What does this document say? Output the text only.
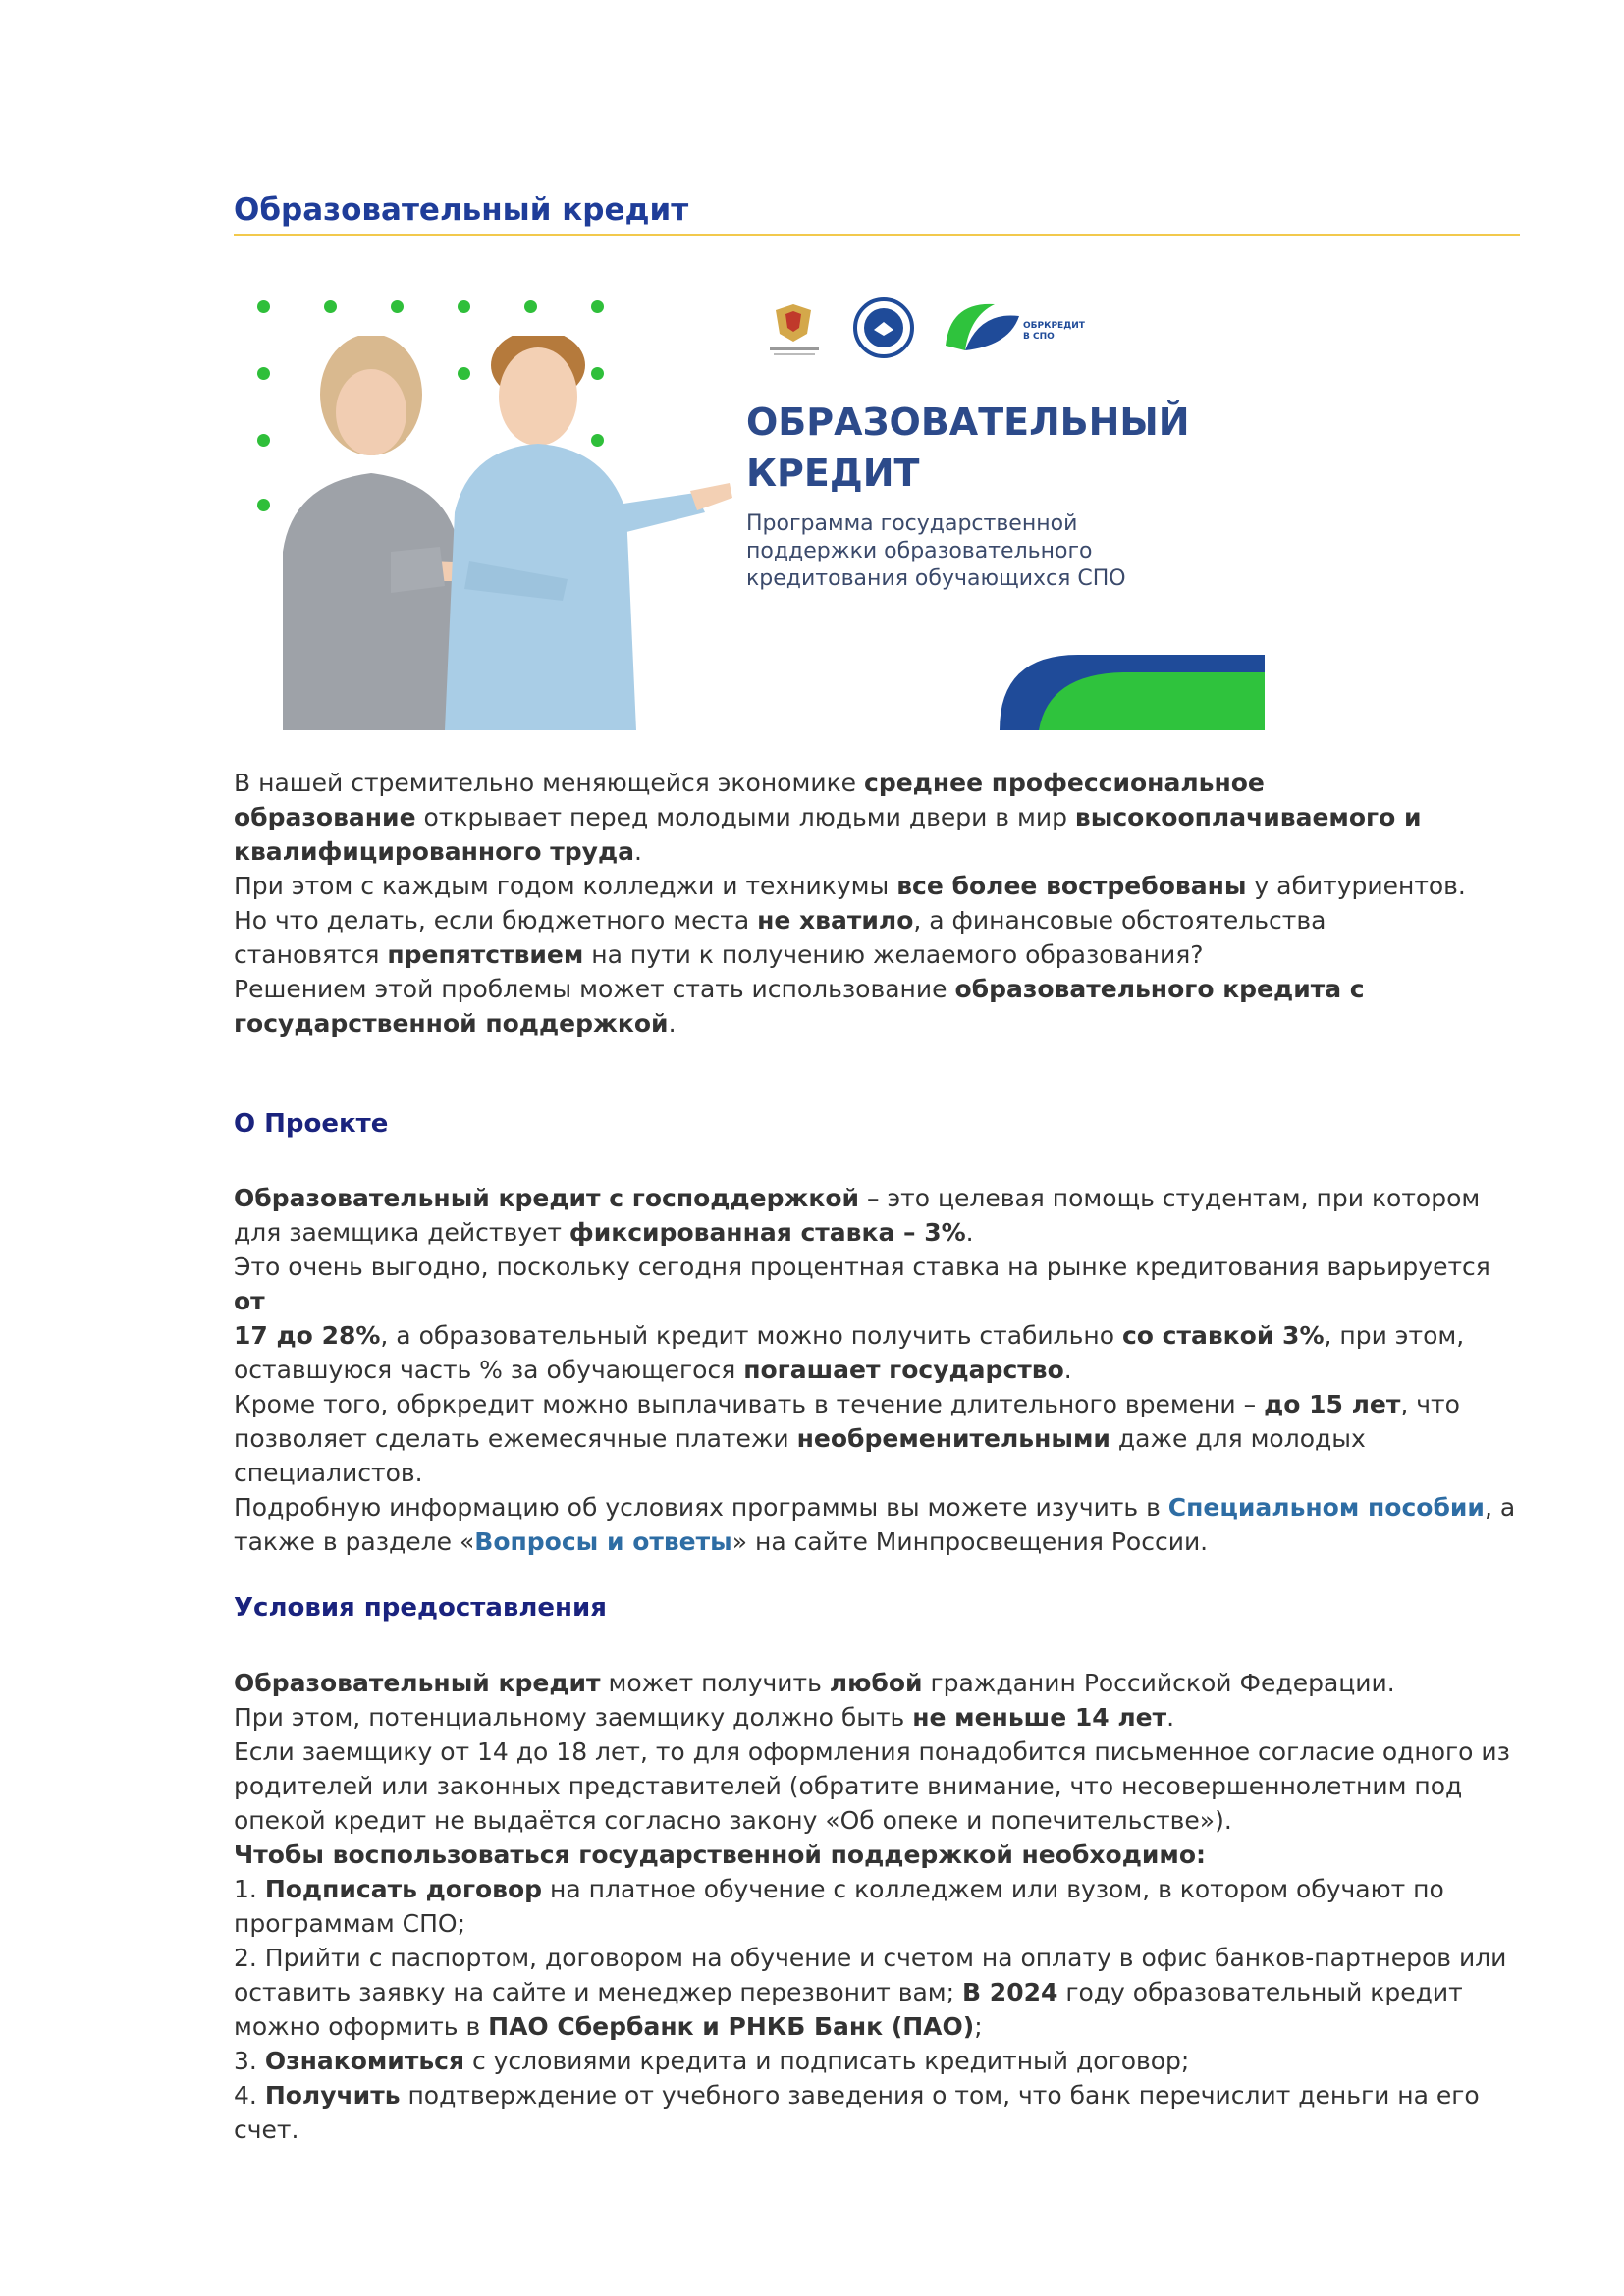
Образовательный кредит
ОБРКРЕДИТ
В СПО
ОБРАЗОВАТЕЛЬНЫЙ
КРЕДИТ
Программа государственной
поддержки образовательного
кредитования обучающихся СПО
В нашей стремительно меняющейся экономике среднее профессиональное
образование открывает перед молодыми людьми двери в мир высокооплачиваемого и
квалифицированного труда.
При этом с каждым годом колледжи и техникумы все более востребованы у абитуриентов.
Но что делать, если бюджетного места не хватило, а финансовые обстоятельства
становятся препятствием на пути к получению желаемого образования?
Решением этой проблемы может стать использование образовательного кредита с
государственной поддержкой.
О Проекте
Образовательный кредит с господдержкой – это целевая помощь студентам, при котором
для заемщика действует фиксированная ставка – 3%.
Это очень выгодно, поскольку сегодня процентная ставка на рынке кредитования варьируется от
17 до 28%, а образовательный кредит можно получить стабильно со ставкой 3%, при этом,
оставшуюся часть % за обучающегося погашает государство.
Кроме того, обркредит можно выплачивать в течение длительного времени – до 15 лет, что
позволяет сделать ежемесячные платежи необременительными даже для молодых
специалистов.
Подробную информацию об условиях программы вы можете изучить в Специальном пособии, а
также в разделе «Вопросы и ответы» на сайте Минпросвещения России.
Условия предоставления
Образовательный кредит может получить любой гражданин Российской Федерации.
При этом, потенциальному заемщику должно быть не меньше 14 лет.
Если заемщику от 14 до 18 лет, то для оформления понадобится письменное согласие одного из
родителей или законных представителей (обратите внимание, что несовершеннолетним под
опекой кредит не выдаётся согласно закону «Об опеке и попечительстве»).
Чтобы воспользоваться государственной поддержкой необходимо:
1. Подписать договор на платное обучение с колледжем или вузом, в котором обучают по
программам СПО;
2. Прийти с паспортом, договором на обучение и счетом на оплату в офис банков-партнеров или
оставить заявку на сайте и менеджер перезвонит вам; В 2024 году образовательный кредит
можно оформить в ПАО Сбербанк и РНКБ Банк (ПАО);
3. Ознакомиться с условиями кредита и подписать кредитный договор;
4. Получить подтверждение от учебного заведения о том, что банк перечислит деньги на его
счет.
